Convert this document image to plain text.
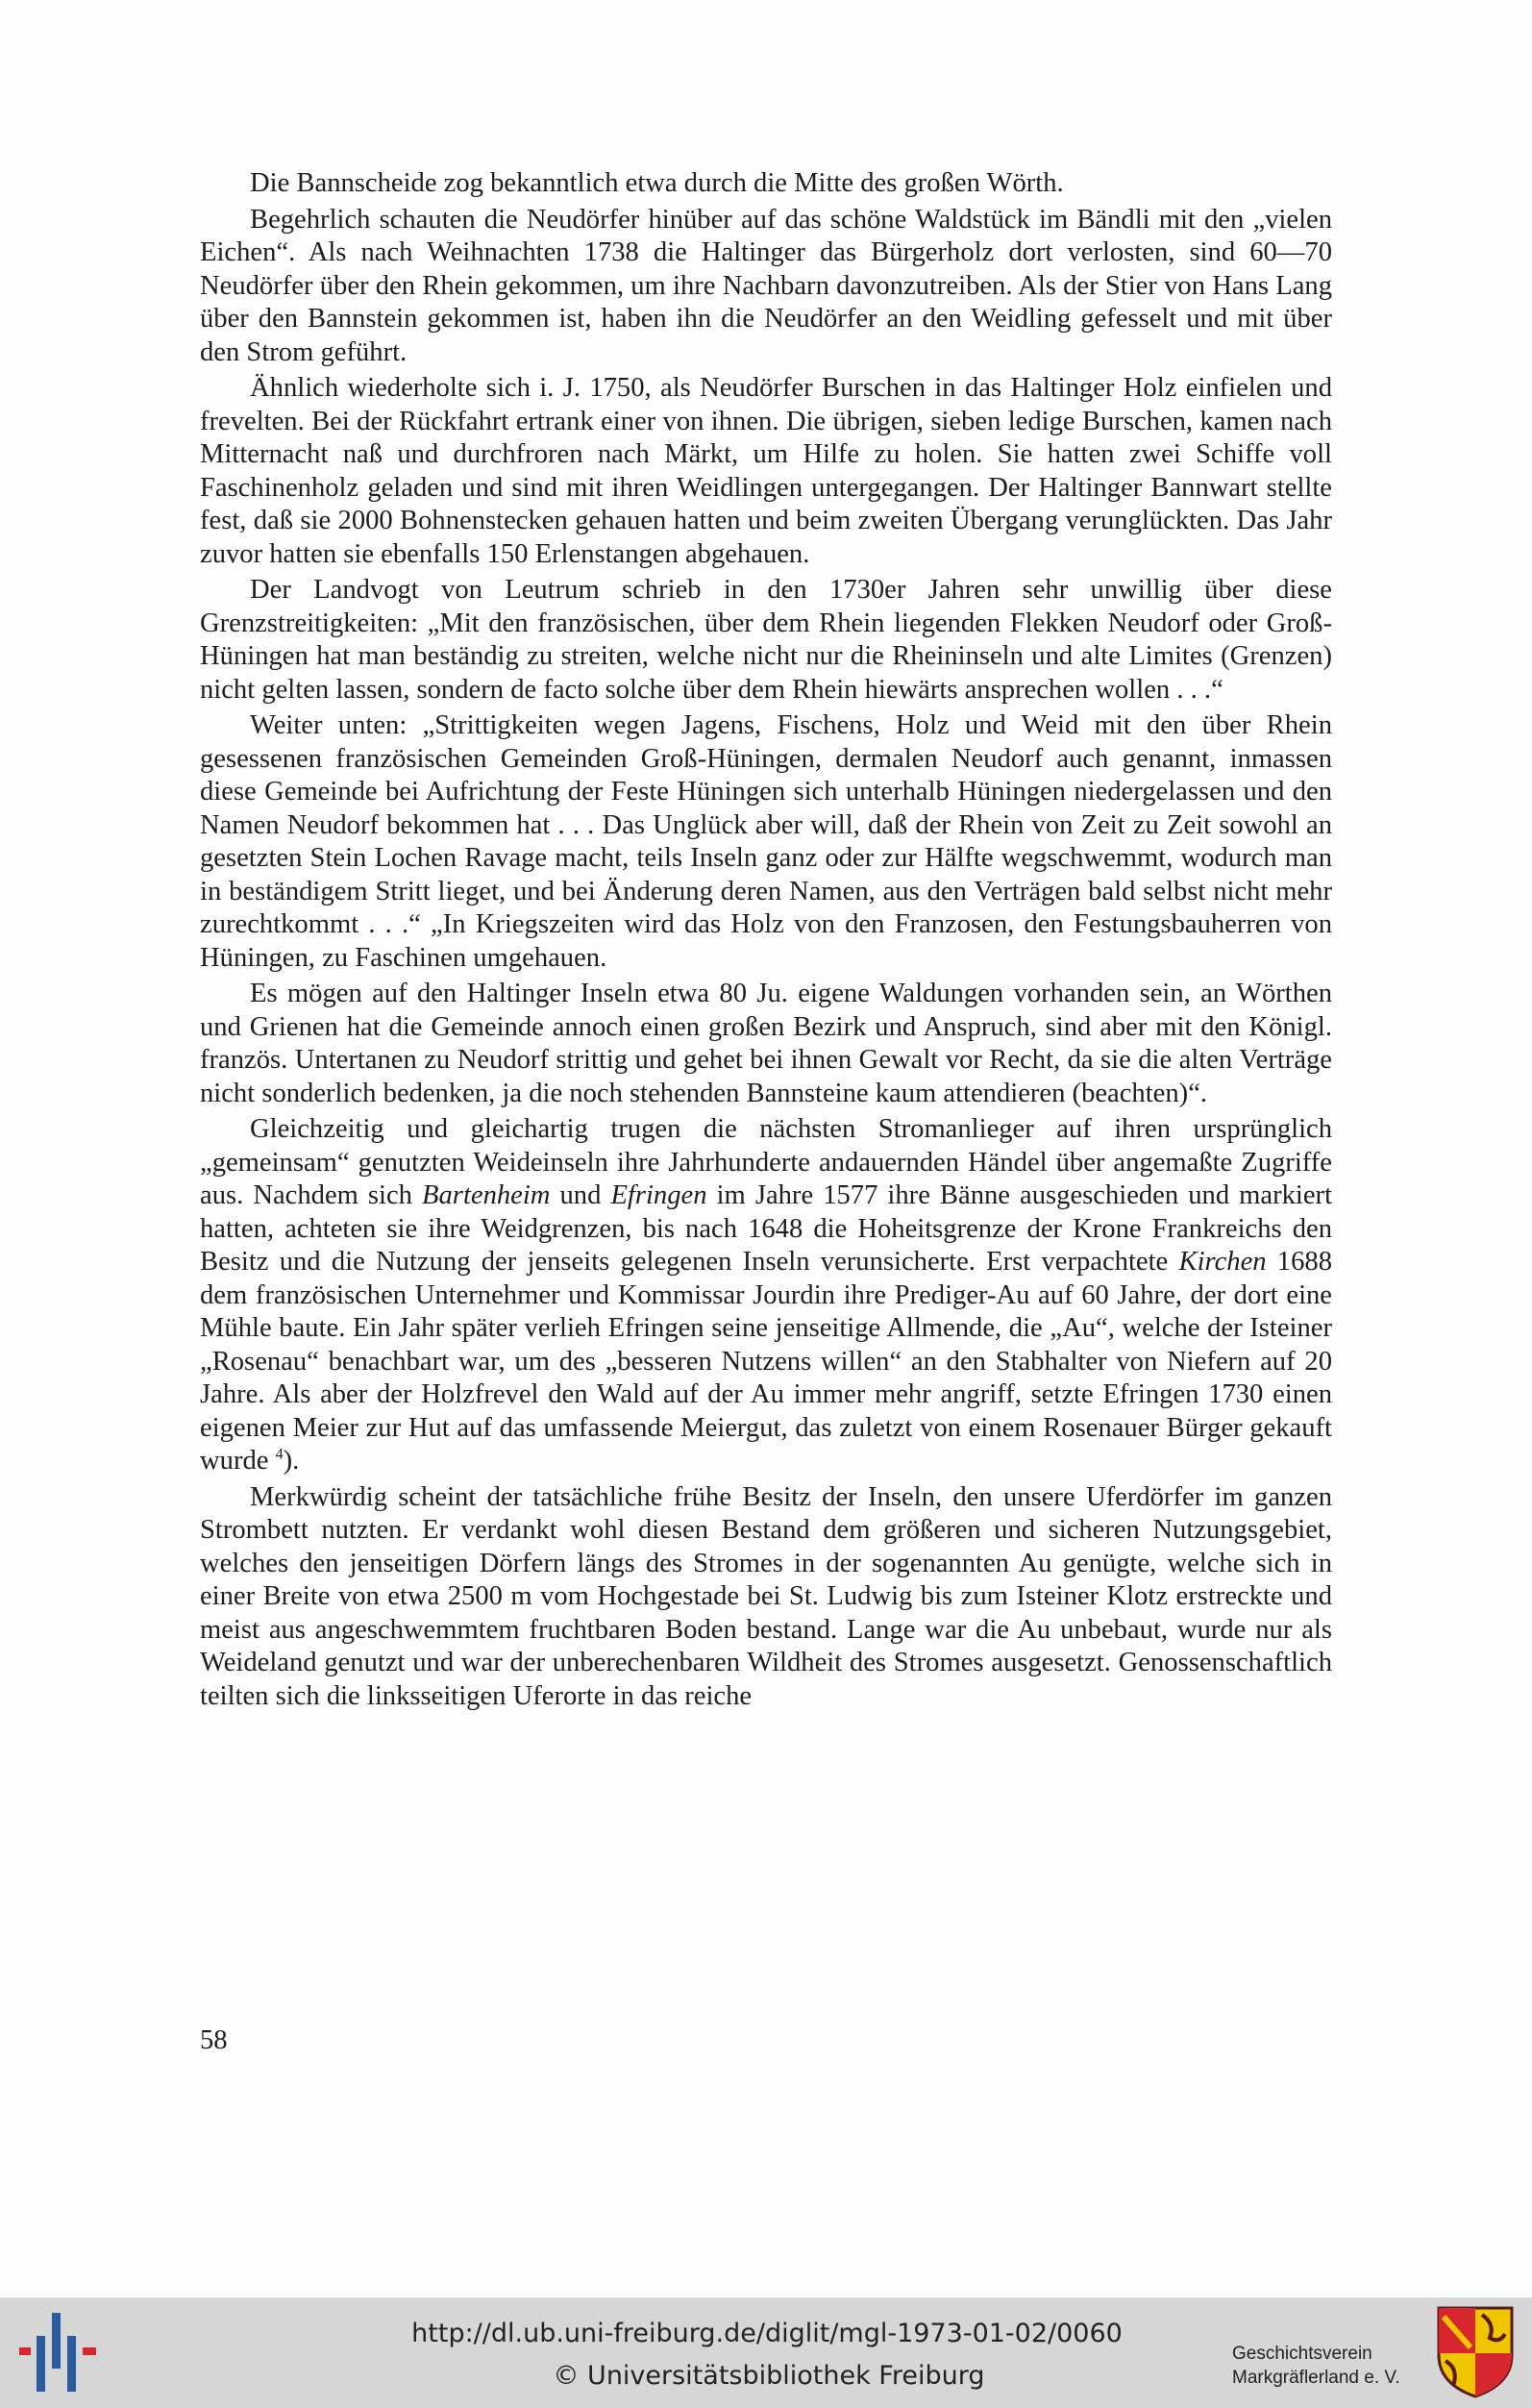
Die Bannscheide zog bekanntlich etwa durch die Mitte des großen Wörth.

Begehrlich schauten die Neudörfer hinüber auf das schöne Waldstück im Bändli mit den „vielen Eichen“. Als nach Weihnachten 1738 die Haltinger das Bürgerholz dort verlosten, sind 60—70 Neudörfer über den Rhein gekommen, um ihre Nachbarn davonzutreiben. Als der Stier von Hans Lang über den Bannstein gekommen ist, haben ihn die Neudörfer an den Weidling gefesselt und mit über den Strom geführt.

Ähnlich wiederholte sich i. J. 1750, als Neudörfer Burschen in das Haltinger Holz einfielen und frevelten. Bei der Rückfahrt ertrank einer von ihnen. Die übrigen, sieben ledige Burschen, kamen nach Mitternacht naß und durchfroren nach Märkt, um Hilfe zu holen. Sie hatten zwei Schiffe voll Faschinenholz geladen und sind mit ihren Weidlingen untergegangen. Der Haltinger Bannwart stellte fest, daß sie 2000 Bohnenstecken gehauen hatten und beim zweiten Übergang verunglückten. Das Jahr zuvor hatten sie ebenfalls 150 Erlenstangen abgehauen.

Der Landvogt von Leutrum schrieb in den 1730er Jahren sehr unwillig über diese Grenzstreitigkeiten: „Mit den französischen, über dem Rhein liegenden Flekken Neudorf oder Groß-Hüningen hat man beständig zu streiten, welche nicht nur die Rheininseln und alte Limites (Grenzen) nicht gelten lassen, sondern de facto solche über dem Rhein hiewärts ansprechen wollen . . .“

Weiter unten: „Strittigkeiten wegen Jagens, Fischens, Holz und Weid mit den über Rhein gesessenen französischen Gemeinden Groß-Hüningen, dermalen Neudorf auch genannt, inmassen diese Gemeinde bei Aufrichtung der Feste Hüningen sich unterhalb Hüningen niedergelassen und den Namen Neudorf bekommen hat . . . Das Unglück aber will, daß der Rhein von Zeit zu Zeit sowohl an gesetzten Stein Lochen Ravage macht, teils Inseln ganz oder zur Hälfte wegschwemmt, wodurch man in beständigem Stritt lieget, und bei Änderung deren Namen, aus den Verträgen bald selbst nicht mehr zurechtkommt . . .“ „In Kriegszeiten wird das Holz von den Franzosen, den Festungsbauherren von Hüningen, zu Faschinen umgehauen.

Es mögen auf den Haltinger Inseln etwa 80 Ju. eigene Waldungen vorhanden sein, an Wörthen und Grienen hat die Gemeinde annoch einen großen Bezirk und Anspruch, sind aber mit den Königl. französ. Untertanen zu Neudorf strittig und gehet bei ihnen Gewalt vor Recht, da sie die alten Verträge nicht sonderlich bedenken, ja die noch stehenden Bannsteine kaum attendieren (beachten)“.

Gleichzeitig und gleichartig trugen die nächsten Stromanlieger auf ihren ursprünglich „gemeinsam“ genutzten Weideinseln ihre Jahrhunderte andauernden Händel über angemaßte Zugriffe aus. Nachdem sich Bartenheim und Efringen im Jahre 1577 ihre Bänne ausgeschieden und markiert hatten, achteten sie ihre Weidgrenzen, bis nach 1648 die Hoheitsgrenze der Krone Frankreichs den Besitz und die Nutzung der jenseits gelegenen Inseln verunsicherte. Erst verpachtete Kirchen 1688 dem französischen Unternehmer und Kommissar Jourdin ihre Prediger-Au auf 60 Jahre, der dort eine Mühle baute. Ein Jahr später verlieh Efringen seine jenseitige Allmende, die „Au“, welche der Isteiner „Rosenau“ benachbart war, um des „besseren Nutzens willen“ an den Stabhalter von Niefern auf 20 Jahre. Als aber der Holzfrevel den Wald auf der Au immer mehr angriff, setzte Efringen 1730 einen eigenen Meier zur Hut auf das umfassende Meiergut, das zuletzt von einem Rosenauer Bürger gekauft wurde $^4$).

Merkwürdig scheint der tatsächliche frühe Besitz der Inseln, den unsere Uferdörfer im ganzen Strombett nutzten. Er verdankt wohl diesen Bestand dem größeren und sicheren Nutzungsgebiet, welches den jenseitigen Dörfern längs des Stromes in der sogenannten Au genügte, welche sich in einer Breite von etwa 2500 m vom Hochgestade bei St. Ludwig bis zum Isteiner Klotz erstreckte und meist aus angeschwemmtem fruchtbaren Boden bestand. Lange war die Au unbebaut, wurde nur als Weideland genutzt und war der unberechenbaren Wildheit des Stromes ausgesetzt. Genossenschaftlich teilten sich die linksseitigen Uferorte in das reiche

58
http://dl.ub.uni-freiburg.de/diglit/mgl-1973-01-02/0060
© Universitätsbibliothek Freiburg
Geschichtsverein
Markgräflerland e. V.
